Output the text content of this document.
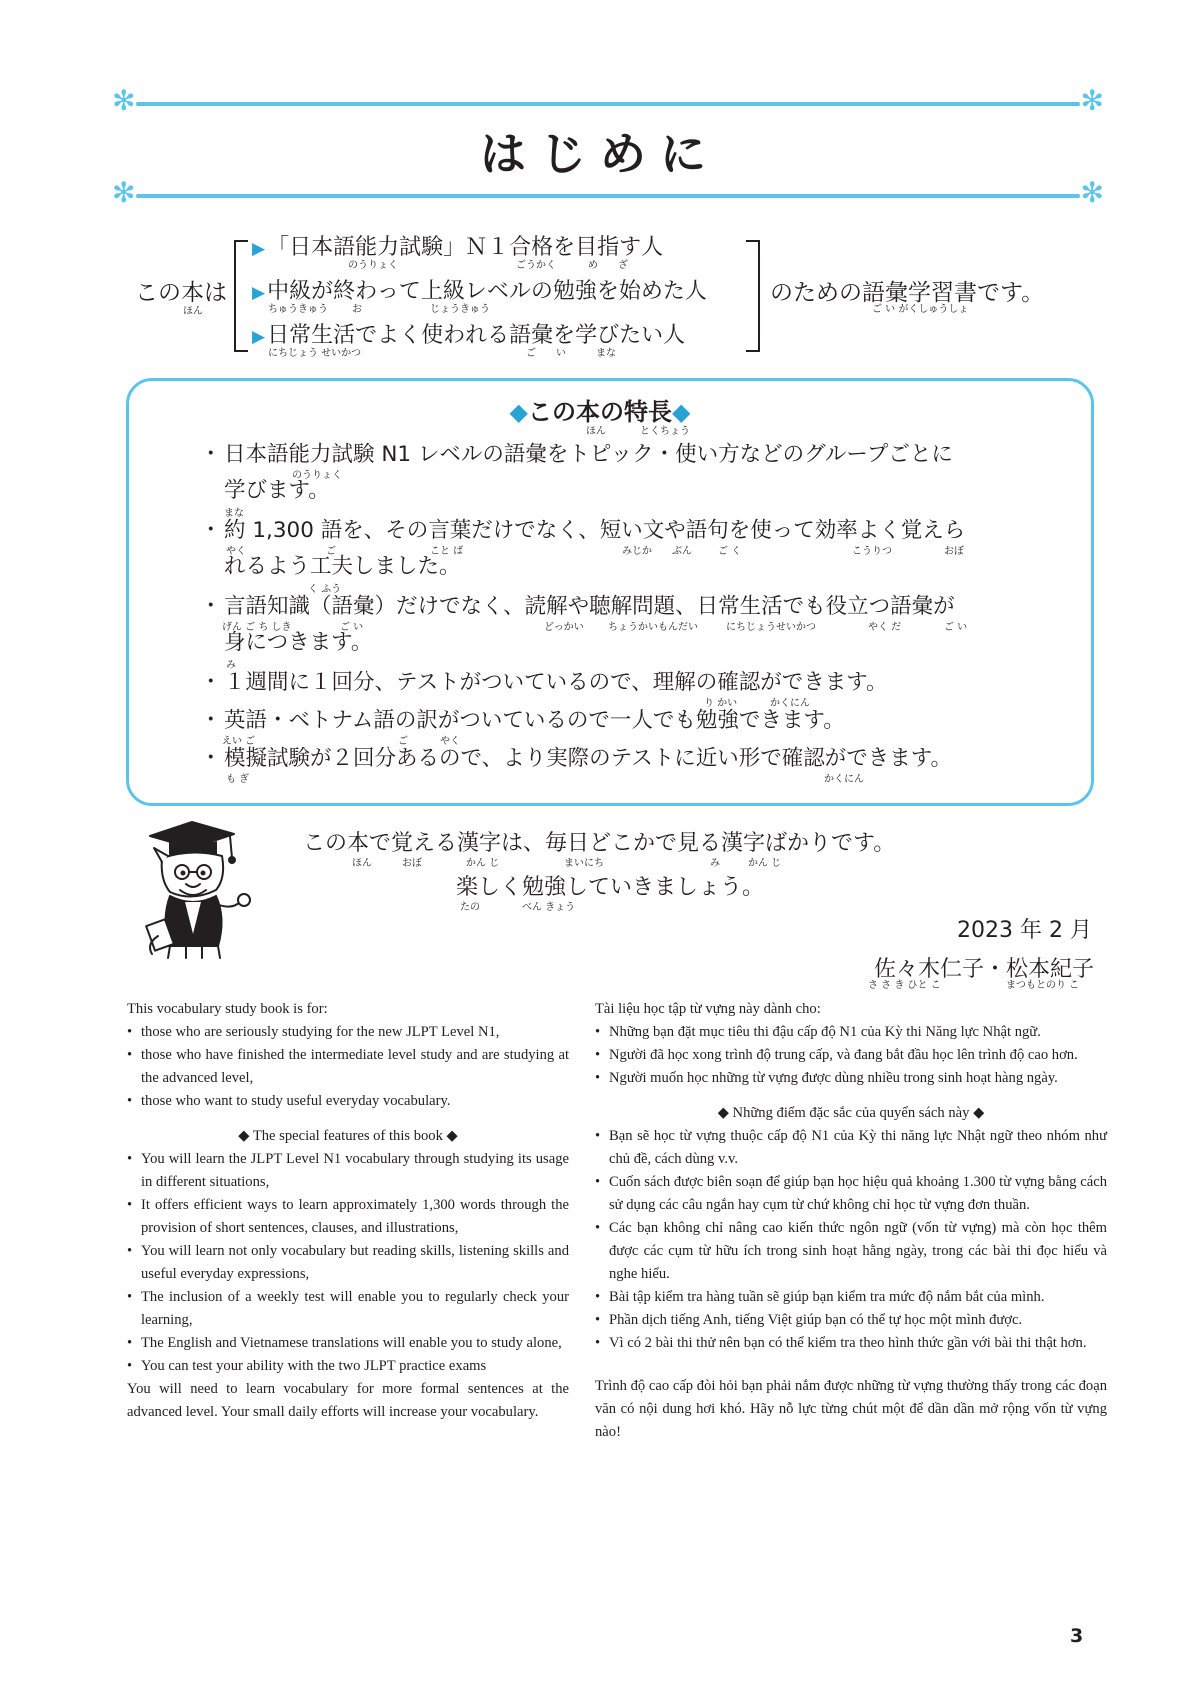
✻	✻
はじめに
✻	✻
この本は
ほん
▶「日本語能力試験」Ｎ１合格を目指す人
のうりょく	ごうかく	め ざ
▶中級が終わって上級レベルの勉強を始めた人
ちゅうきゅう お	じょうきゅう
▶日常生活でよく使われる語彙を学びたい人
にちじょう せいかつ	ご い	まな
のための語彙学習書です。
ご い がくしゅうしょ
◆この本の特長◆
ほん	とくちょう
・ 日本語能力試験 N1 レベルの語彙をトピック・使い方などのグループごとに
のうりょく
学びます。
まな
・ 約 1,300 語を、その言葉だけでなく、短い文や語句を使って効率よく覚えら
やく	ご	こと ば	みじか ぶん	ご く	こうりつ	おぼ
れるよう工夫しました。
く ふう
・ 言語知識（語彙）だけでなく、読解や聴解問題、日常生活でも役立つ語彙が
げん ご ち しき	ご い	どっかい ちょうかいもんだい	にちじょうせいかつ	やく だ	ご い
身につきます。
み
・ １週間に１回分、テストがついているので、理解の確認ができます。
り かい	かくにん
・ 英語・ベトナム語の訳がついているので一人でも勉強できます。
えい ご	ご	やく
・ 模擬試験が２回分あるので、より実際のテストに近い形で確認ができます。
も ぎ	かくにん
この本で覚える漢字は、毎日どこかで見る漢字ばかりです。
ほん	おぼ	かん じ	まいにち	み	かん じ
楽しく勉強していきましょう。
たの	べん きょう
2023 年 2 月
佐々木仁子・松本紀子
さ さ き ひと こ	まつもとのり こ

This vocabulary study book is for:

• those who are seriously studying for the new JLPT Level N1,

• those who have finished the intermediate level study and are studying at the advanced level,

• those who want to study useful everyday vocabulary.

◆ The special features of this book ◆

• You will learn the JLPT Level N1 vocabulary through studying its usage in different situations,

• It offers efficient ways to learn approximately 1,300 words through the provision of short sentences, clauses, and illustrations,

• You will learn not only vocabulary but reading skills, listening skills and useful everyday expressions,

• The inclusion of a weekly test will enable you to regularly check your learning,

• The English and Vietnamese translations will enable you to study alone,

• You can test your ability with the two JLPT practice exams

You will need to learn vocabulary for more formal sentences at the advanced level. Your small daily efforts will increase your vocabulary.

Tài liệu học tập từ vựng này dành cho:

• Những bạn đặt mục tiêu thi đậu cấp độ N1 của Kỳ thi Năng lực Nhật ngữ.

• Người đã học xong trình độ trung cấp, và đang bắt đầu học lên trình độ cao hơn.

• Người muốn học những từ vựng được dùng nhiều trong sinh hoạt hàng ngày.

◆ Những điểm đặc sắc của quyển sách này ◆

• Bạn sẽ học từ vựng thuộc cấp độ N1 của Kỳ thi năng lực Nhật ngữ theo nhóm như chủ đề, cách dùng v.v.

• Cuốn sách được biên soạn để giúp bạn học hiệu quả khoảng 1.300 từ vựng bằng cách sử dụng các câu ngắn hay cụm từ chứ không chỉ học từ vựng đơn thuần.

• Các bạn không chỉ nâng cao kiến thức ngôn ngữ (vốn từ vựng) mà còn học thêm được các cụm từ hữu ích trong sinh hoạt hằng ngày, trong các bài thi đọc hiểu và nghe hiểu.

• Bài tập kiểm tra hàng tuần sẽ giúp bạn kiểm tra mức độ nắm bắt của mình.

• Phần dịch tiếng Anh, tiếng Việt giúp bạn có thể tự học một mình được.

• Vì có 2 bài thi thử nên bạn có thể kiểm tra theo hình thức gần với bài thi thật hơn.

Trình độ cao cấp đòi hỏi bạn phải nắm được những từ vựng thường thấy trong các đoạn văn có nội dung hơi khó. Hãy nỗ lực từng chút một để dần dần mở rộng vốn từ vựng nào!

3
